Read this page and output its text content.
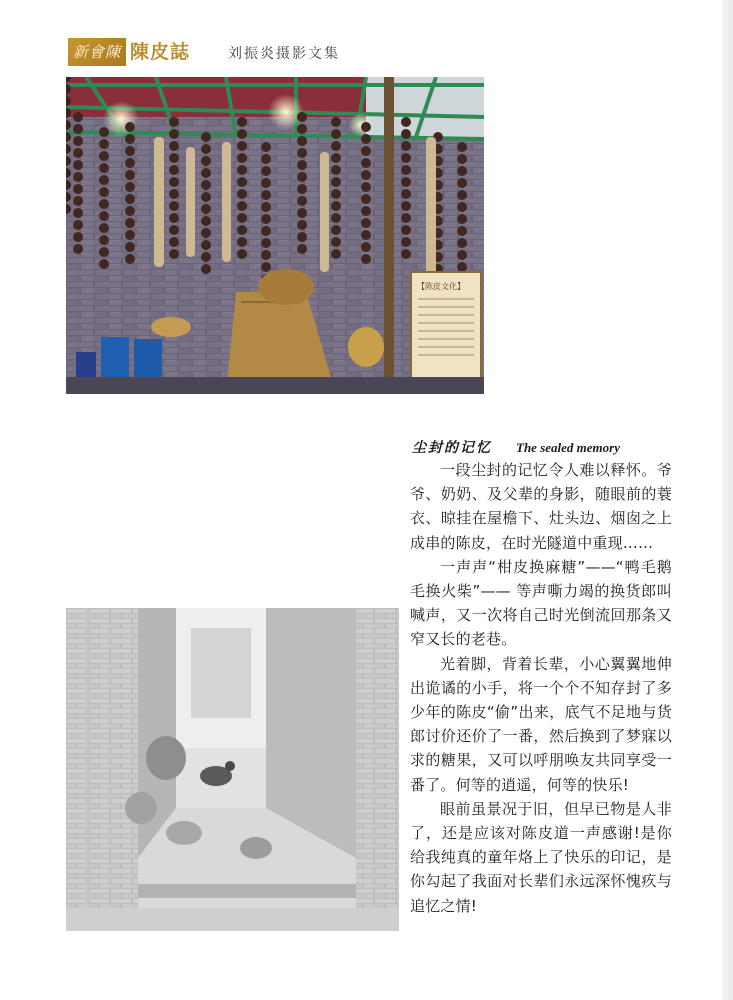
新會陳 陳皮誌	刘振炎摄影文集
【陈皮文化】
尘封的记忆 The sealed memory

一段尘封的记忆令人难以释怀。爷爷、奶奶、及父辈的身影，随眼前的蓑衣、晾挂在屋檐下、灶头边、烟囱之上成串的陈皮，在时光隧道中重现……

一声声“柑皮换麻糖”——“鸭毛鹅毛换火柴”—— 等声嘶力竭的换货郎叫喊声，又一次将自己时光倒流回那条又窄又长的老巷。

光着脚，背着长辈，小心翼翼地伸出诡谲的小手，将一个个不知存封了多少年的陈皮“偷”出来，底气不足地与货郎讨价还价了一番，然后换到了梦寐以求的糖果，又可以呼朋唤友共同享受一番了。何等的逍遥，何等的快乐!

眼前虽景况于旧，但早已物是人非了，还是应该对陈皮道一声感谢!是你给我纯真的童年烙上了快乐的印记，是你勾起了我面对长辈们永远深怀愧疚与追忆之情!
